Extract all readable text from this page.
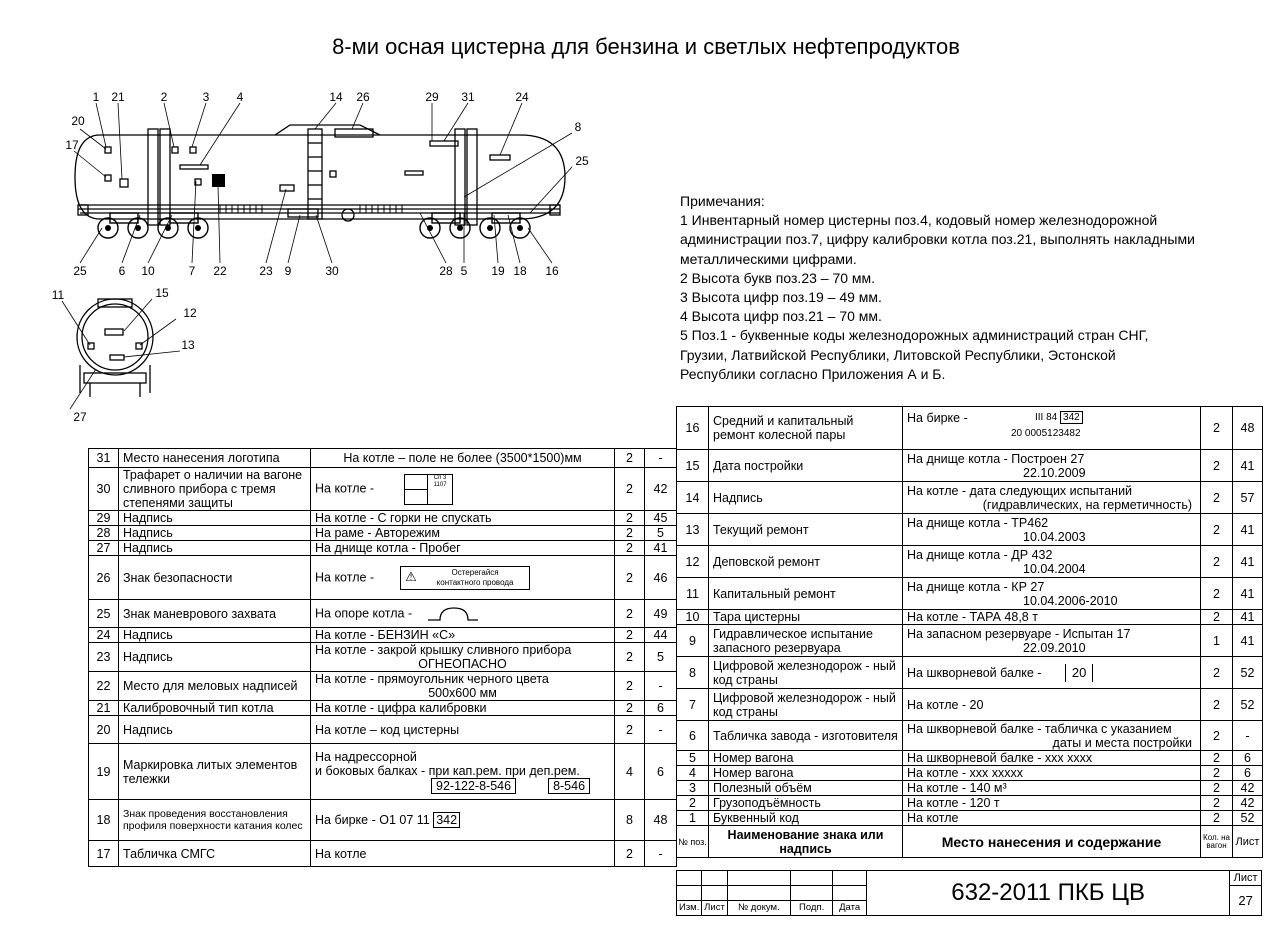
8-ми осная цистерна для бензина и светлых нефтепродуктов
1 21	2	3 4	14 26	29 31	24
20
17
8
25
25	6 10	7 22	23 9	30	28 5 19 18 16
11	15
12
13
27
Примечания:
1 Инвентарный номер цистерны поз.4, кодовый номер железнодорожной
администрации поз.7, цифру калибровки котла поз.21, выполнять накладными
металлическими цифрами.
2 Высота букв поз.23 – 70 мм.
3 Высота цифр поз.19 – 49 мм.
4 Высота цифр поз.21 – 70 мм.
5 Поз.1 - буквенные коды железнодорожных администраций стран СНГ,
Грузии, Латвийской Республики, Литовской Республики, Эстонской
Республики согласно Приложения А и Б.
31	Место нанесения логотипа	На котле – поле не более (3500*1500)мм	2	-
30	Трафарет о наличии на вагоне сливного прибора с тремя степенями защиты	На котле -
Сп 3
1107	2	42
29	Надпись	На котле - С горки не спускать	2	45
28	Надпись	На раме - Авторежим	2	5
27	Надпись	На днище котла - Пробег	2	41
26	Знак безопасности	На котле - ⚠ Остерегайся
контактного провода	2	46
25	Знак маневрового захвата	На опоре котла -	2	49
24	Надпись	На котле - БЕНЗИН «С»	2	44
23	Надпись	На котле - закрой крышку сливного прибора

ОГНЕОПАСНО	2	5
22	Место для меловых надписей	На котле - прямоугольник черного цвета

500х600 мм	2	-
21	Калибровочный тип котла	На котле - цифра калибровки	2	6
20	Надпись	На котле – код цистерны	2	-
19	Маркировка литых элементов тележки	На надрессорной
и боковых балках - при кап.рем. при деп.рем.
92-122-8-546 8-546	4	6
18	Знак проведения восстановления профиля поверхности катания колес	На бирке - О1 07 11 342	8	48
17	Табличка СМГС	На котле	2	-
16	Средний и капитальный ремонт колесной пары	На бирке - III 84 342
20 0005123482	2	48
15	Дата постройки	На днище котла - Построен 27

22.10.2009	2	41
14	Надпись	На котле - дата следующих испытаний

(гидравлических, на герметичность)	2	57
13	Текущий ремонт	На днище котла - ТР462

10.04.2003	2	41
12	Деповской ремонт	На днище котла - ДР 432

10.04.2004	2	41
11	Капитальный ремонт	На днище котла - КР 27

10.04.2006-2010	2	41
10	Тара цистерны	На котле - ТАРА 48,8 т	2	41
9	Гидравлическое испытание запасного резервуара	На запасном резервуаре - Испытан 17

22.09.2010	1	41
8	Цифровой железнодорож - ный код страны	На шкворневой балке - 20	2	52
7	Цифровой железнодорож - ный код страны	На котле - 20	2	52
6	Табличка завода - изготовителя	На шкворневой балке - табличка с указанием

даты и места постройки	2	-
5	Номер вагона	На шкворневой балке - ххх хххх	2	6
4	Номер вагона	На котле - ххх ххххх	2	6
3	Полезный объём	На котле - 140 м³	2	42
2	Грузоподъёмность	На котле - 120 т	2	42
1	Буквенный код	На котле	2	52
№ поз.	Наименование знака или надпись	Место нанесения и содержание	Кол. на вагон	Лист
					632-2011 ПКБ ЦВ	Лист
						27
Изм.	Лист	№ докум.	Подп.	Дата		
